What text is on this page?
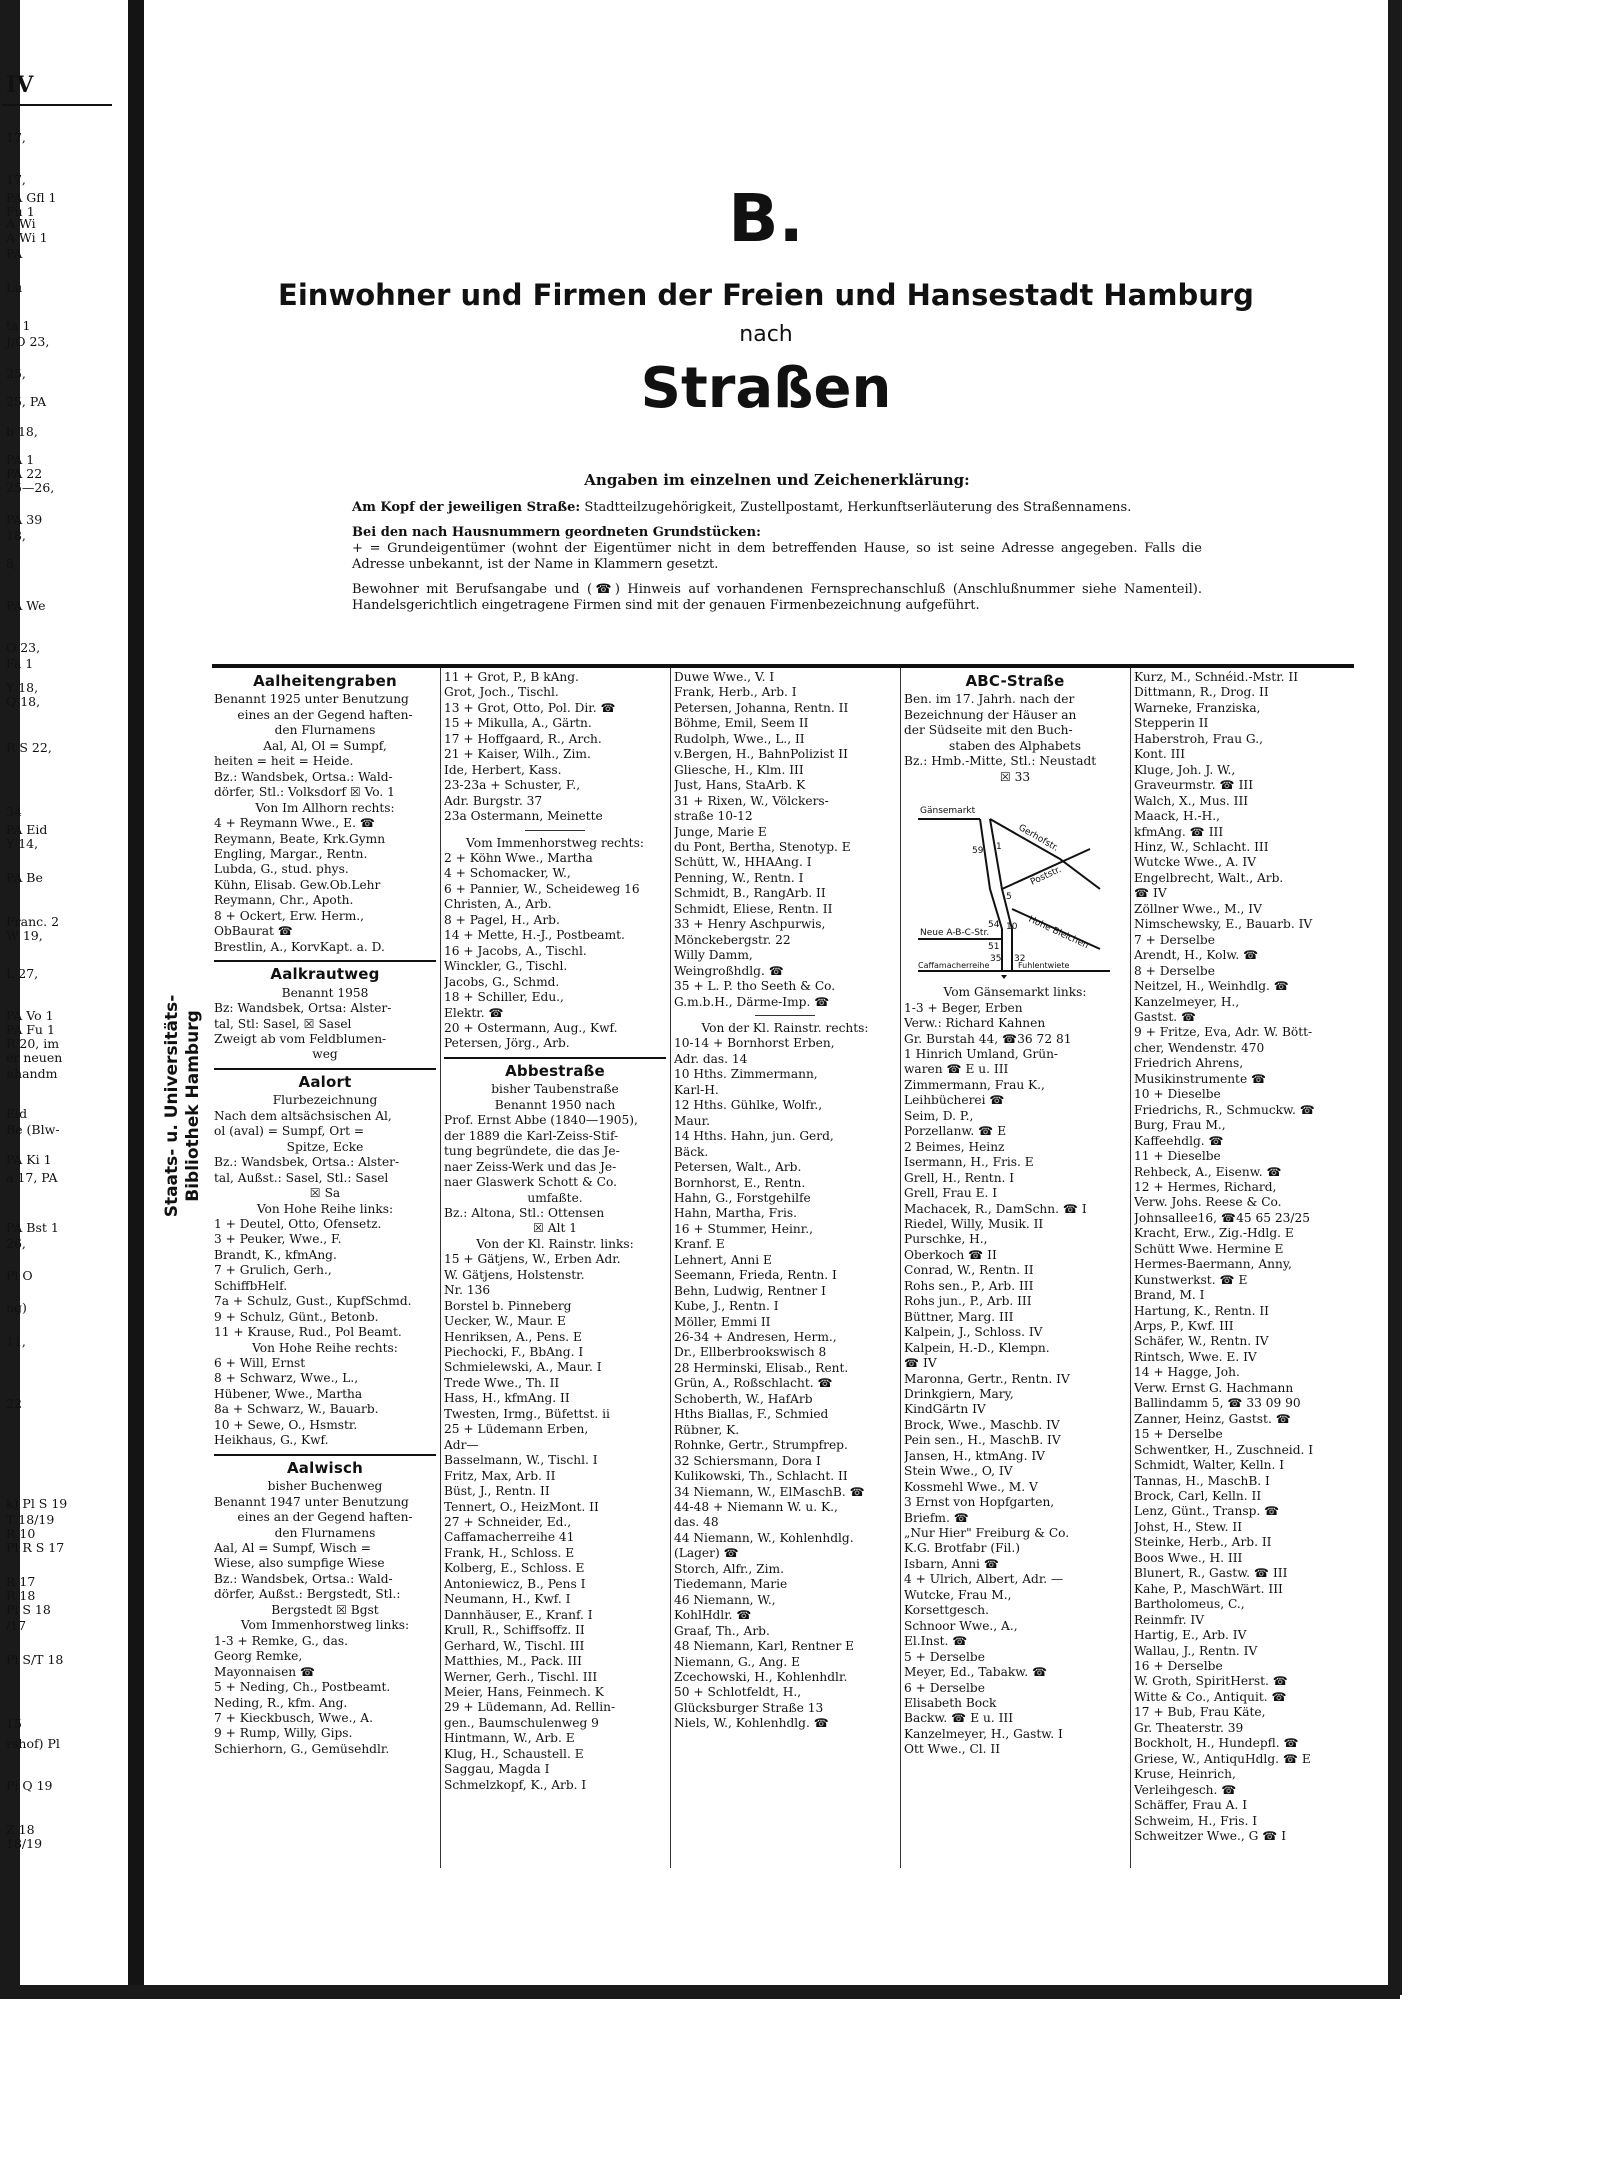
IV
17,
17,
PA Gfl 1
Fu 1
A Wi
A Wi 1
PA
Lu
ta 1
J/O 23,
25,
25, PA
b 18,
PA 1
PA 22
25—26,
PA 39
18,
8,
PA We
O 23,
Fa 1
Y 18,
Q 18,
R S 22,
34
PA Eid
Y 14,
PA Be
Franc. 2
W 19,
L 27,
PA Vo 1
PA Fu 1
R 20, im
er neuen
nhandm
Eid
Be (Blw-
PA Ki 1
a 17, PA
PA Bst 1
26,
Pl O
ng)
11,
22
k) Pl S 19
T 18/19
R 10
Pl R S 17
R 17
R 18
Pl S 18
/17
Pl S/T 18
15
rshof) Pl
Pl Q 19
Z 18
18/19
B.
Einwohner und Firmen der Freien und Hansestadt Hamburg
nach
Straßen
Angaben im einzelnen und Zeichenerklärung:

Am Kopf der jeweiligen Straße: Stadtteilzugehörigkeit, Zustellpostamt, Herkunftserläuterung des Straßennamens.

Bei den nach Hausnummern geordneten Grundstücken:
+ = Grundeigentümer (wohnt der Eigentümer nicht in dem betreffenden Hause, so ist seine Adresse angegeben. Falls die Adresse unbekannt, ist der Name in Klammern gesetzt.

Bewohner mit Berufsangabe und (☎) Hinweis auf vorhandenen Fernsprechanschluß (Anschlußnummer siehe Namenteil). Handelsgerichtlich eingetragene Firmen sind mit der genauen Firmenbezeichnung aufgeführt.

Staats- u. Universitäts- Bibliothek Hamburg
Aalheitengraben
Benannt 1925 unter Benutzung
eines an der Gegend haften-
den Flurnamens
Aal, Al, Ol = Sumpf,
heiten = heit = Heide.
Bz.: Wandsbek, Ortsa.: Wald-
dörfer, Stl.: Volksdorf ☒ Vo. 1
Von Im Allhorn rechts:
4 + Reymann Wwe., E. ☎
Reymann, Beate, Krk.Gymn
Engling, Margar., Rentn.
Lubda, G., stud. phys.
Kühn, Elisab. Gew.Ob.Lehr
Reymann, Chr., Apoth.
8 + Ockert, Erw. Herm.,
ObBaurat ☎
Brestlin, A., KorvKapt. a. D.
Aalkrautweg
Benannt 1958
Bz: Wandsbek, Ortsa: Alster-
tal, Stl: Sasel, ☒ Sasel
Zweigt ab vom Feldblumen-
weg
Aalort
Flurbezeichnung
Nach dem altsächsischen Al,
ol (aval) = Sumpf, Ort =
Spitze, Ecke
Bz.: Wandsbek, Ortsa.: Alster-
tal, Außst.: Sasel, Stl.: Sasel
☒ Sa
Von Hohe Reihe links:
1 + Deutel, Otto, Ofensetz.
3 + Peuker, Wwe., F.
Brandt, K., kfmAng.
7 + Grulich, Gerh.,
SchiffbHelf.
7a + Schulz, Gust., KupfSchmd.
9 + Schulz, Günt., Betonb.
11 + Krause, Rud., Pol Beamt.
Von Hohe Reihe rechts:
6 + Will, Ernst
8 + Schwarz, Wwe., L.,
Hübener, Wwe., Martha
8a + Schwarz, W., Bauarb.
10 + Sewe, O., Hsmstr.
Heikhaus, G., Kwf.
Aalwisch
bisher Buchenweg
Benannt 1947 unter Benutzung
eines an der Gegend haften-
den Flurnamens
Aal, Al = Sumpf, Wisch =
Wiese, also sumpfige Wiese
Bz.: Wandsbek, Ortsa.: Wald-
dörfer, Außst.: Bergstedt, Stl.:
Bergstedt ☒ Bgst
Vom Immenhorstweg links:
1-3 + Remke, G., das.
Georg Remke,
Mayonnaisen ☎
5 + Neding, Ch., Postbeamt.
Neding, R., kfm. Ang.
7 + Kieckbusch, Wwe., A.
9 + Rump, Willy, Gips.
Schierhorn, G., Gemüsehdlr.
11 + Grot, P., B kAng.
Grot, Joch., Tischl.
13 + Grot, Otto, Pol. Dir. ☎
15 + Mikulla, A., Gärtn.
17 + Hoffgaard, R., Arch.
21 + Kaiser, Wilh., Zim.
Ide, Herbert, Kass.
23-23a + Schuster, F.,
Adr. Burgstr. 37
23a Ostermann, Meinette
Vom Immenhorstweg rechts:
2 + Köhn Wwe., Martha
4 + Schomacker, W.,
6 + Pannier, W., Scheideweg 16
Christen, A., Arb.
8 + Pagel, H., Arb.
14 + Mette, H.-J., Postbeamt.
16 + Jacobs, A., Tischl.
Winckler, G., Tischl.
Jacobs, G., Schmd.
18 + Schiller, Edu.,
Elektr. ☎
20 + Ostermann, Aug., Kwf.
Petersen, Jörg., Arb.
Abbestraße
bisher Taubenstraße
Benannt 1950 nach
Prof. Ernst Abbe (1840—1905),
der 1889 die Karl-Zeiss-Stif-
tung begründete, die das Je-
naer Zeiss-Werk und das Je-
naer Glaswerk Schott & Co.
umfaßte.
Bz.: Altona, Stl.: Ottensen
☒ Alt 1
Von der Kl. Rainstr. links:
15 + Gätjens, W., Erben Adr.
W. Gätjens, Holstenstr.
Nr. 136
Borstel b. Pinneberg
Uecker, W., Maur. E
Henriksen, A., Pens. E
Piechocki, F., BbAng. I
Schmielewski, A., Maur. I
Trede Wwe., Th. II
Hass, H., kfmAng. II
Twesten, Irmg., Büfettst. ii
25 + Lüdemann Erben,
Adr—
Basselmann, W., Tischl. I
Fritz, Max, Arb. II
Büst, J., Rentn. II
Tennert, O., HeizMont. II
27 + Schneider, Ed.,
Caffamacherreihe 41
Frank, H., Schloss. E
Kolberg, E., Schloss. E
Antoniewicz, B., Pens I
Neumann, H., Kwf. I
Dannhäuser, E., Kranf. I
Krull, R., Schiffsoffz. II
Gerhard, W., Tischl. III
Matthies, M., Pack. III
Werner, Gerh., Tischl. III
Meier, Hans, Feinmech. K
29 + Lüdemann, Ad. Rellin-
gen., Baumschulenweg 9
Hintmann, W., Arb. E
Klug, H., Schaustell. E
Saggau, Magda I
Schmelzkopf, K., Arb. I
Duwe Wwe., V. I
Frank, Herb., Arb. I
Petersen, Johanna, Rentn. II
Böhme, Emil, Seem II
Rudolph, Wwe., L., II
v.Bergen, H., BahnPolizist II
Gliesche, H., Klm. III
Just, Hans, StaArb. K
31 + Rixen, W., Völckers-
straße 10-12
Junge, Marie E
du Pont, Bertha, Stenotyp. E
Schütt, W., HHAAng. I
Penning, W., Rentn. I
Schmidt, B., RangArb. II
Schmidt, Eliese, Rentn. II
33 + Henry Aschpurwis,
Mönckebergstr. 22
Willy Damm,
Weingroßhdlg. ☎
35 + L. P. tho Seeth & Co.
G.m.b.H., Därme-Imp. ☎
Von der Kl. Rainstr. rechts:
10-14 + Bornhorst Erben,
Adr. das. 14
10 Hths. Zimmermann,
Karl-H.
12 Hths. Gühlke, Wolfr.,
Maur.
14 Hths. Hahn, jun. Gerd,
Bäck.
Petersen, Walt., Arb.
Bornhorst, E., Rentn.
Hahn, G., Forstgehilfe
Hahn, Martha, Fris.
16 + Stummer, Heinr.,
Kranf. E
Lehnert, Anni E
Seemann, Frieda, Rentn. I
Behn, Ludwig, Rentner I
Kube, J., Rentn. I
Möller, Emmi II
26-34 + Andresen, Herm.,
Dr., Ellberbrookswisch 8
28 Herminski, Elisab., Rent.
Grün, A., Roßschlacht. ☎
Schoberth, W., HafArb
Hths Biallas, F., Schmied
Rübner, K.
Rohnke, Gertr., Strumpfrep.
32 Schiersmann, Dora I
Kulikowski, Th., Schlacht. II
34 Niemann, W., ElMaschB. ☎
44-48 + Niemann W. u. K.,
das. 48
44 Niemann, W., Kohlenhdlg.
(Lager) ☎
Storch, Alfr., Zim.
Tiedemann, Marie
46 Niemann, W.,
KohlHdlr. ☎
Graaf, Th., Arb.
48 Niemann, Karl, Rentner E
Niemann, G., Ang. E
Zcechowski, H., Kohlenhdlr.
50 + Schlotfeldt, H.,
Glücksburger Straße 13
Niels, W., Kohlenhdlg. ☎
ABC-Straße
Ben. im 17. Jahrh. nach der
Bezeichnung der Häuser an
der Südseite mit den Buch-
staben des Alphabets
Bz.: Hmb.-Mitte, Stl.: Neustadt
☒ 33
Gänsemarkt
Gerhofstr.
Poststr.
Hohe Bleichen
Neue A-B-C-Str.
Caffamacherreihe	Fuhlentwiete
59 1
5
10
54
51
35 32
Vom Gänsemarkt links:
1-3 + Beger, Erben
Verw.: Richard Kahnen
Gr. Burstah 44, ☎36 72 81
1 Hinrich Umland, Grün-
waren ☎ E u. III
Zimmermann, Frau K.,
Leihbücherei ☎
Seim, D. P.,
Porzellanw. ☎ E
2 Beimes, Heinz
Isermann, H., Fris. E
Grell, H., Rentn. I
Grell, Frau E. I
Machacek, R., DamSchn. ☎ I
Riedel, Willy, Musik. II
Purschke, H.,
Oberkoch ☎ II
Conrad, W., Rentn. II
Rohs sen., P., Arb. III
Rohs jun., P., Arb. III
Büttner, Marg. III
Kalpein, J., Schloss. IV
Kalpein, H.-D., Klempn.
☎ IV
Maronna, Gertr., Rentn. IV
Drinkgiern, Mary,
KindGärtn IV
Brock, Wwe., Maschb. IV
Pein sen., H., MaschB. IV
Jansen, H., ktmAng. IV
Stein Wwe., O, IV
Kossmehl Wwe., M. V
3 Ernst von Hopfgarten,
Briefm. ☎
„Nur Hier" Freiburg & Co.
K.G. Brotfabr (Fil.)
Isbarn, Anni ☎
4 + Ulrich, Albert, Adr. —
Wutcke, Frau M.,
Korsettgesch.
Schnoor Wwe., A.,
El.Inst. ☎
5 + Derselbe
Meyer, Ed., Tabakw. ☎
6 + Derselbe
Elisabeth Bock
Backw. ☎ E u. III
Kanzelmeyer, H., Gastw. I
Ott Wwe., Cl. II
Kurz, M., Schnéid.-Mstr. II
Dittmann, R., Drog. II
Warneke, Franziska,
Stepperin II
Haberstroh, Frau G.,
Kont. III
Kluge, Joh. J. W.,
Graveurmstr. ☎ III
Walch, X., Mus. III
Maack, H.-H.,
kfmAng. ☎ III
Hinz, W., Schlacht. III
Wutcke Wwe., A. IV
Engelbrecht, Walt., Arb.
☎ IV
Zöllner Wwe., M., IV
Nimschewsky, E., Bauarb. IV
7 + Derselbe
Arendt, H., Kolw. ☎
8 + Derselbe
Neitzel, H., Weinhdlg. ☎
Kanzelmeyer, H.,
Gastst. ☎
9 + Fritze, Eva, Adr. W. Bött-
cher, Wendenstr. 470
Friedrich Ahrens,
Musikinstrumente ☎
10 + Dieselbe
Friedrichs, R., Schmuckw. ☎
Burg, Frau M.,
Kaffeehdlg. ☎
11 + Dieselbe
Rehbeck, A., Eisenw. ☎
12 + Hermes, Richard,
Verw. Johs. Reese & Co.
Johnsallee16, ☎45 65 23/25
Kracht, Erw., Zig.-Hdlg. E
Schütt Wwe. Hermine E
Hermes-Baermann, Anny,
Kunstwerkst. ☎ E
Brand, M. I
Hartung, K., Rentn. II
Arps, P., Kwf. III
Schäfer, W., Rentn. IV
Rintsch, Wwe. E. IV
14 + Hagge, Joh.
Verw. Ernst G. Hachmann
Ballindamm 5, ☎ 33 09 90
Zanner, Heinz, Gastst. ☎
15 + Derselbe
Schwentker, H., Zuschneid. I
Schmidt, Walter, Kelln. I
Tannas, H., MaschB. I
Brock, Carl, Kelln. II
Lenz, Günt., Transp. ☎
Johst, H., Stew. II
Steinke, Herb., Arb. II
Boos Wwe., H. III
Blunert, R., Gastw. ☎ III
Kahe, P., MaschWärt. III
Bartholomeus, C.,
Reinmfr. IV
Hartig, E., Arb. IV
Wallau, J., Rentn. IV
16 + Derselbe
W. Groth, SpiritHerst. ☎
Witte & Co., Antiquit. ☎
17 + Bub, Frau Käte,
Gr. Theaterstr. 39
Bockholt, H., Hundepfl. ☎
Griese, W., AntiquHdlg. ☎ E
Kruse, Heinrich,
Verleihgesch. ☎
Schäffer, Frau A. I
Schweim, H., Fris. I
Schweitzer Wwe., G ☎ I
